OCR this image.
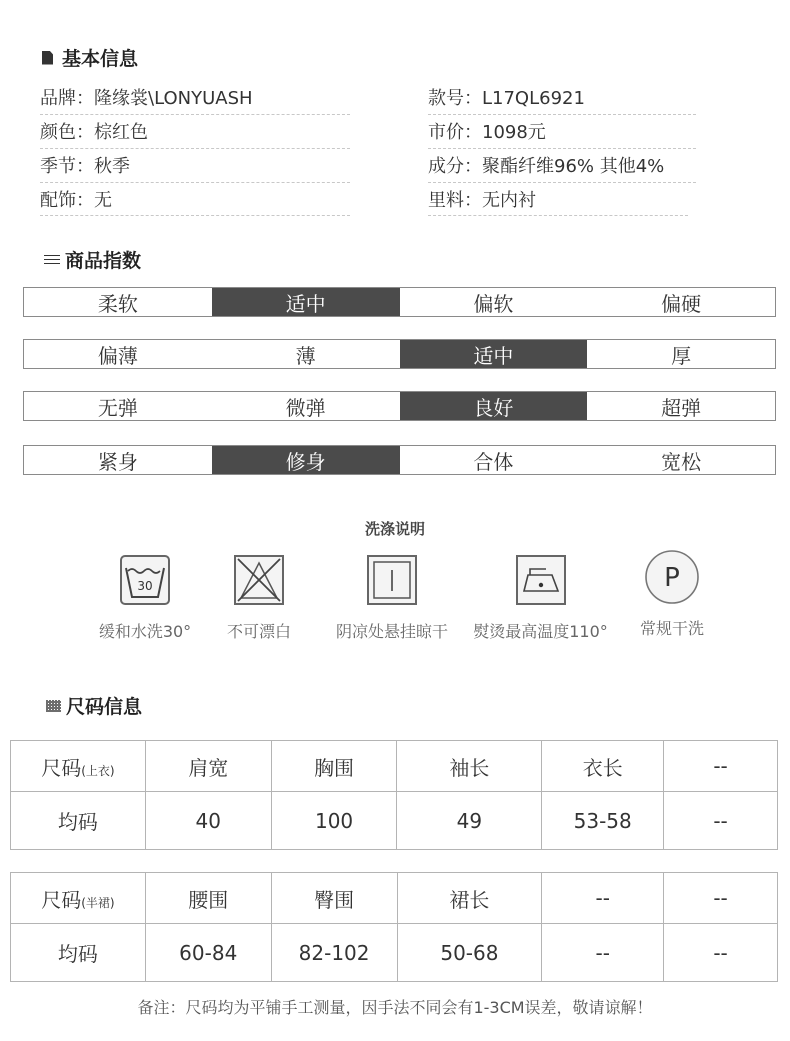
基本信息
品牌：隆缘裳\LONYUASH	款号：L17QL6921
颜色：棕红色	市价：1098元
季节：秋季	成分：聚酯纤维96% 其他4%
配饰：无	里料：无内衬
商品指数
柔软	适中	偏软	偏硬
偏薄	薄	适中	厚
无弹	微弹	良好	超弹
紧身	修身	合体	宽松
洗涤说明
30
缓和水洗30°	不可漂白	阴凉处悬挂晾干	熨烫最高温度110°
P
常规干洗
尺码信息
尺码(上衣)	肩宽	胸围	袖长	衣长	--
均码	40	100	49	53-58	--
尺码(半裙)	腰围	臀围	裙长	--	--
均码	60-84	82-102	50-68	--	--
备注：尺码均为平铺手工测量，因手法不同会有1-3CM误差，敬请谅解！
